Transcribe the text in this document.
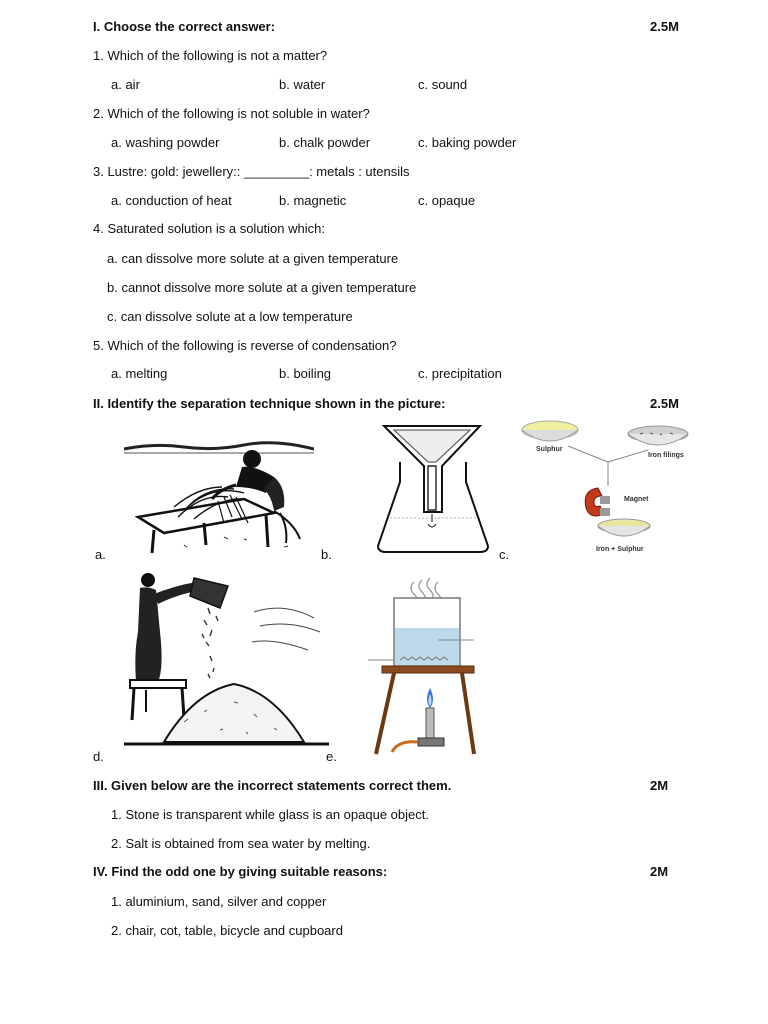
I. Choose the correct answer:	2.5M
1. Which of the following is not a matter?
a. air	b. water	c. sound
2. Which of the following is not soluble in water?
a. washing powder	b. chalk powder	c. baking powder
3. Lustre: gold: jewellery:: _________: metals : utensils
a. conduction of heat	b. magnetic	c. opaque
4. Saturated solution is a solution which:
a. can dissolve more solute at a given temperature
b. cannot dissolve more solute at a given temperature
c. can dissolve solute at a low temperature
5. Which of the following is reverse of condensation?
a. melting	b. boiling	c. precipitation
II. Identify the separation technique shown in the picture:	2.5M
a.	b.
Sulphur
Iron filings
Magnet
Iron + Sulphur
c.
d.	e.
III. Given below are the incorrect statements correct them.	2M
1. Stone is transparent while glass is an opaque object.
2. Salt is obtained from sea water by melting.
IV. Find the odd one by giving suitable reasons:	2M
1. aluminium, sand, silver and copper
2. chair, cot, table, bicycle and cupboard
